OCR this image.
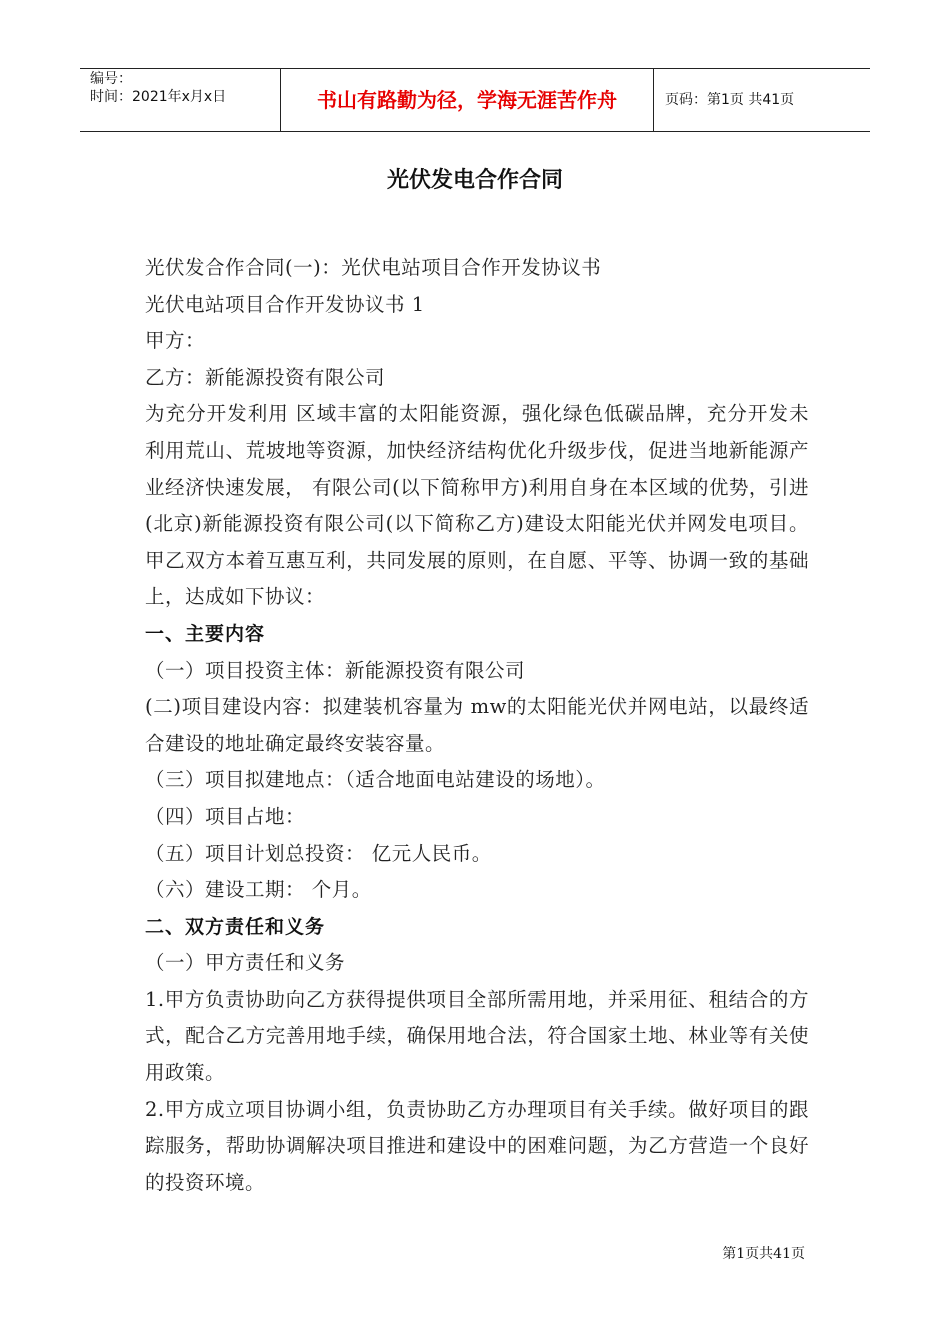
编号：
时间：2021年x月x日	书山有路勤为径，学海无涯苦作舟	页码：第1页 共41页
光伏发电合作合同

光伏发合作合同(一)：光伏电站项目合作开发协议书

光伏电站项目合作开发协议书 1

甲方：

乙方：新能源投资有限公司

为充分开发利用 区域丰富的太阳能资源，强化绿色低碳品牌，充分开发未利用荒山、荒坡地等资源，加快经济结构优化升级步伐，促进当地新能源产业经济快速发展， 有限公司(以下简称甲方)利用自身在本区域的优势，引进(北京)新能源投资有限公司(以下简称乙方)建设太阳能光伏并网发电项目。甲乙双方本着互惠互利，共同发展的原则，在自愿、平等、协调一致的基础上，达成如下协议：

一、主要内容

（一）项目投资主体：新能源投资有限公司

(二)项目建设内容：拟建装机容量为 mw的太阳能光伏并网电站，以最终适合建设的地址确定最终安装容量。

（三）项目拟建地点：（适合地面电站建设的场地）。

（四）项目占地：

（五）项目计划总投资： 亿元人民币。

（六）建设工期： 个月。

二、双方责任和义务

（一）甲方责任和义务

1.甲方负责协助向乙方获得提供项目全部所需用地，并采用征、租结合的方式，配合乙方完善用地手续，确保用地合法，符合国家土地、林业等有关使用政策。

2.甲方成立项目协调小组，负责协助乙方办理项目有关手续。做好项目的跟踪服务，帮助协调解决项目推进和建设中的困难问题，为乙方营造一个良好的投资环境。

第1页共41页
